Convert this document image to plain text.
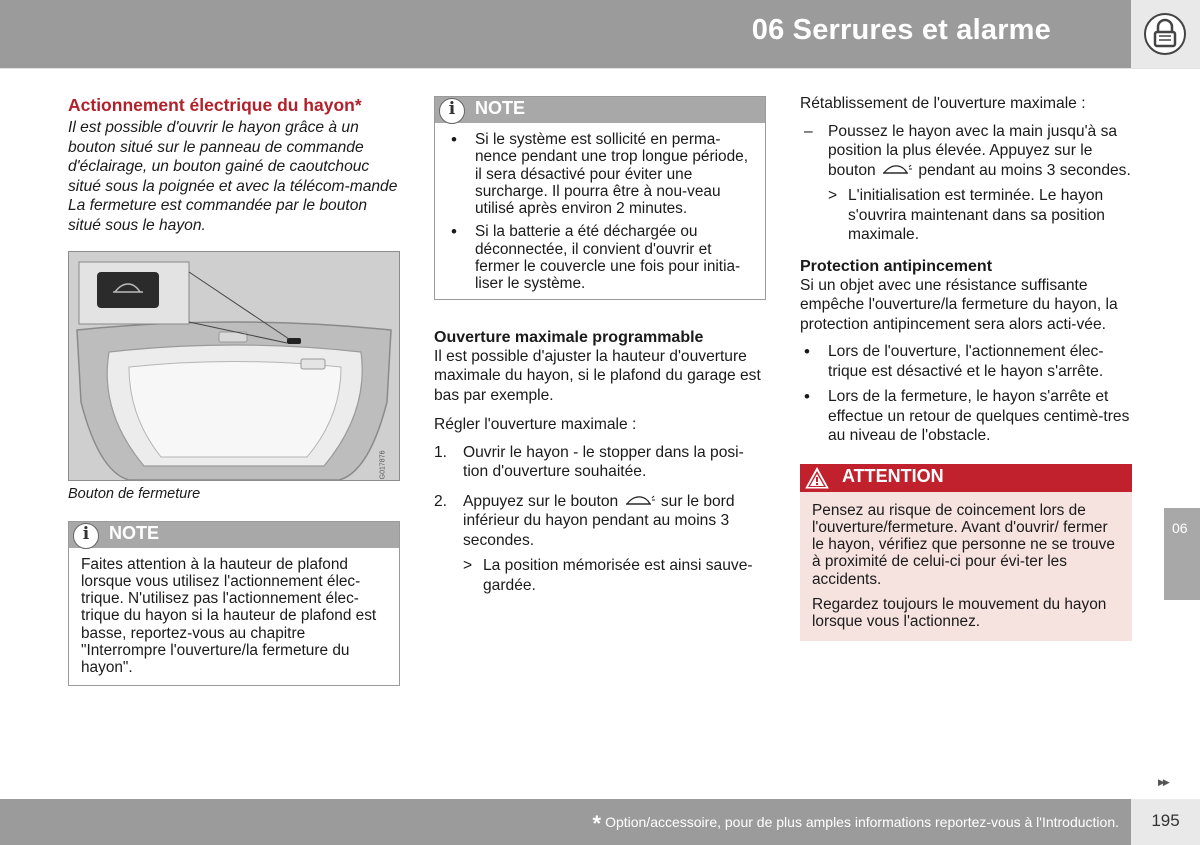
06 Serrures et alarme
Actionnement électrique du hayon*

Il est possible d'ouvrir le hayon grâce à un bouton situé sur le panneau de commande d'éclairage, un bouton gainé de caoutchouc situé sous la poignée et avec la télécom-mande La fermeture est commandée par le bouton situé sous le hayon.

G017876
Bouton de fermeture
i	NOTE
Faites attention à la hauteur de plafond lorsque vous utilisez l'actionnement élec-trique. N'utilisez pas l'actionnement élec-trique du hayon si la hauteur de plafond est basse, reportez-vous au chapitre "Interrompre l'ouverture/la fermeture du hayon".
i	NOTE
• Si le système est sollicité en perma-nence pendant une trop longue période, il sera désactivé pour éviter une surcharge. Il pourra être à nou-veau utilisé après environ 2 minutes.
• Si la batterie a été déchargée ou déconnectée, il convient d'ouvrir et fermer le couvercle une fois pour initia-liser le système.
Ouverture maximale programmable

Il est possible d'ajuster la hauteur d'ouverture maximale du hayon, si le plafond du garage est bas par exemple.

Régler l'ouverture maximale :

1. Ouvrir le hayon - le stopper dans la posi-tion d'ouverture souhaitée.
2. Appuyez sur le bouton	sur le bord inférieur du hayon pendant au moins 3 secondes.
> La position mémorisée est ainsi sauve-gardée.

Rétablissement de l'ouverture maximale :

– Poussez le hayon avec la main jusqu'à sa position la plus élevée. Appuyez sur le bouton	pendant au moins 3 secondes.
> L'initialisation est terminée. Le hayon s'ouvrira maintenant dans sa position maximale.
Protection antipincement

Si un objet avec une résistance suffisante empêche l'ouverture/la fermeture du hayon, la protection antipincement sera alors acti-vée.

• Lors de l'ouverture, l'actionnement élec-trique est désactivé et le hayon s'arrête.
• Lors de la fermeture, le hayon s'arrête et effectue un retour de quelques centimè-tres au niveau de l'obstacle.
ATTENTION

Pensez au risque de coincement lors de l'ouverture/fermeture. Avant d'ouvrir/ fermer le hayon, vérifiez que personne ne se trouve à proximité de celui-ci pour évi-ter les accidents.

Regardez toujours le mouvement du hayon lorsque vous l'actionnez.

06
▶▶
* Option/accessoire, pour de plus amples informations reportez-vous à l'Introduction.	195
